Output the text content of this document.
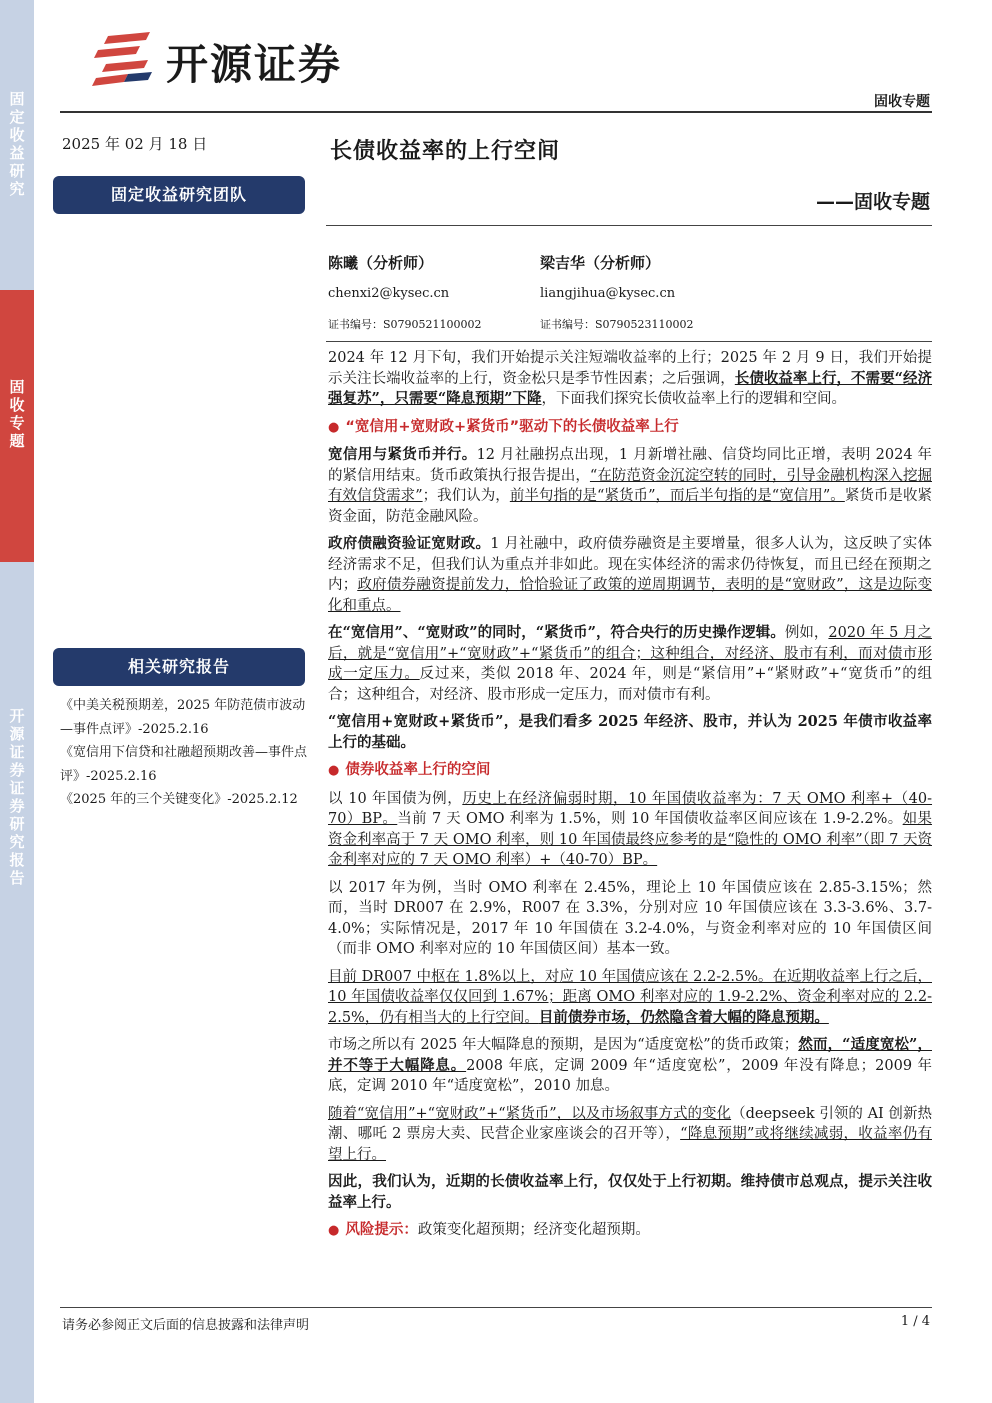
固定收益研究
固收专题
开源证券 证券研究报告
开源证券
固收专题
2025 年 02 月 18 日
固定收益研究团队
相关研究报告
《中美关税预期差，2025 年防范债市波动—事件点评》-2025.2.16
《宽信用下信贷和社融超预期改善—事件点评》-2025.2.16
《2025 年的三个关键变化》-2025.2.12
长债收益率的上行空间
——固收专题
陈曦（分析师）
chenxi2@kysec.cn
证书编号：S0790521100002
梁吉华（分析师）
liangjihua@kysec.cn
证书编号：S0790523110002

2024 年 12 月下旬，我们开始提示关注短端收益率的上行；2025 年 2 月 9 日，我们开始提示关注长端收益率的上行，资金松只是季节性因素；之后强调，长债收益率上行，不需要“经济强复苏”，只需要“降息预期”下降，下面我们探究长债收益率上行的逻辑和空间。

● “宽信用+宽财政+紧货币”驱动下的长债收益率上行

宽信用与紧货币并行。12 月社融拐点出现，1 月新增社融、信贷均同比正增，表明 2024 年的紧信用结束。货币政策执行报告提出，“在防范资金沉淀空转的同时，引导金融机构深入挖掘有效信贷需求”；我们认为，前半句指的是“紧货币”，而后半句指的是“宽信用”。紧货币是收紧资金面，防范金融风险。

政府债融资验证宽财政。1 月社融中，政府债券融资是主要增量，很多人认为，这反映了实体经济需求不足，但我们认为重点并非如此。现在实体经济的需求仍待恢复，而且已经在预期之内；政府债券融资提前发力，恰恰验证了政策的逆周期调节，表明的是“宽财政”，这是边际变化和重点。

在“宽信用”、“宽财政”的同时，“紧货币”，符合央行的历史操作逻辑。例如，2020 年 5 月之后，就是“宽信用”+“宽财政”+“紧货币”的组合；这种组合，对经济、股市有利，而对债市形成一定压力。反过来，类似 2018 年、2024 年，则是“紧信用”+“紧财政”+“宽货币”的组合；这种组合，对经济、股市形成一定压力，而对债市有利。

“宽信用+宽财政+紧货币”，是我们看多 2025 年经济、股市，并认为 2025 年债市收益率上行的基础。

● 债券收益率上行的空间

以 10 年国债为例，历史上在经济偏弱时期，10 年国债收益率为：7 天 OMO 利率+（40-70）BP。当前 7 天 OMO 利率为 1.5%，则 10 年国债收益率区间应该在 1.9-2.2%。如果资金利率高于 7 天 OMO 利率，则 10 年国债最终应参考的是“隐性的 OMO 利率”（即 7 天资金利率对应的 7 天 OMO 利率）+（40-70）BP。

以 2017 年为例，当时 OMO 利率在 2.45%，理论上 10 年国债应该在 2.85-3.15%；然而，当时 DR007 在 2.9%，R007 在 3.3%，分别对应 10 年国债应该在 3.3-3.6%、3.7-4.0%；实际情况是，2017 年 10 年国债在 3.2-4.0%，与资金利率对应的 10 年国债区间（而非 OMO 利率对应的 10 年国债区间）基本一致。

目前 DR007 中枢在 1.8%以上，对应 10 年国债应该在 2.2-2.5%。在近期收益率上行之后，10 年国债收益率仅仅回到 1.67%；距离 OMO 利率对应的 1.9-2.2%、资金利率对应的 2.2-2.5%，仍有相当大的上行空间。目前债券市场，仍然隐含着大幅的降息预期。

市场之所以有 2025 年大幅降息的预期，是因为“适度宽松”的货币政策；然而，“适度宽松”，并不等于大幅降息。2008 年底，定调 2009 年“适度宽松”，2009 年没有降息；2009 年底，定调 2010 年“适度宽松”，2010 加息。

随着“宽信用”+“宽财政”+“紧货币”，以及市场叙事方式的变化（deepseek 引领的 AI 创新热潮、哪吒 2 票房大卖、民营企业家座谈会的召开等），“降息预期”或将继续减弱，收益率仍有望上行。

因此，我们认为，近期的长债收益率上行，仅仅处于上行初期。维持债市总观点，提示关注收益率上行。

● 风险提示：政策变化超预期；经济变化超预期。

请务必参阅正文后面的信息披露和法律声明	1 / 4
